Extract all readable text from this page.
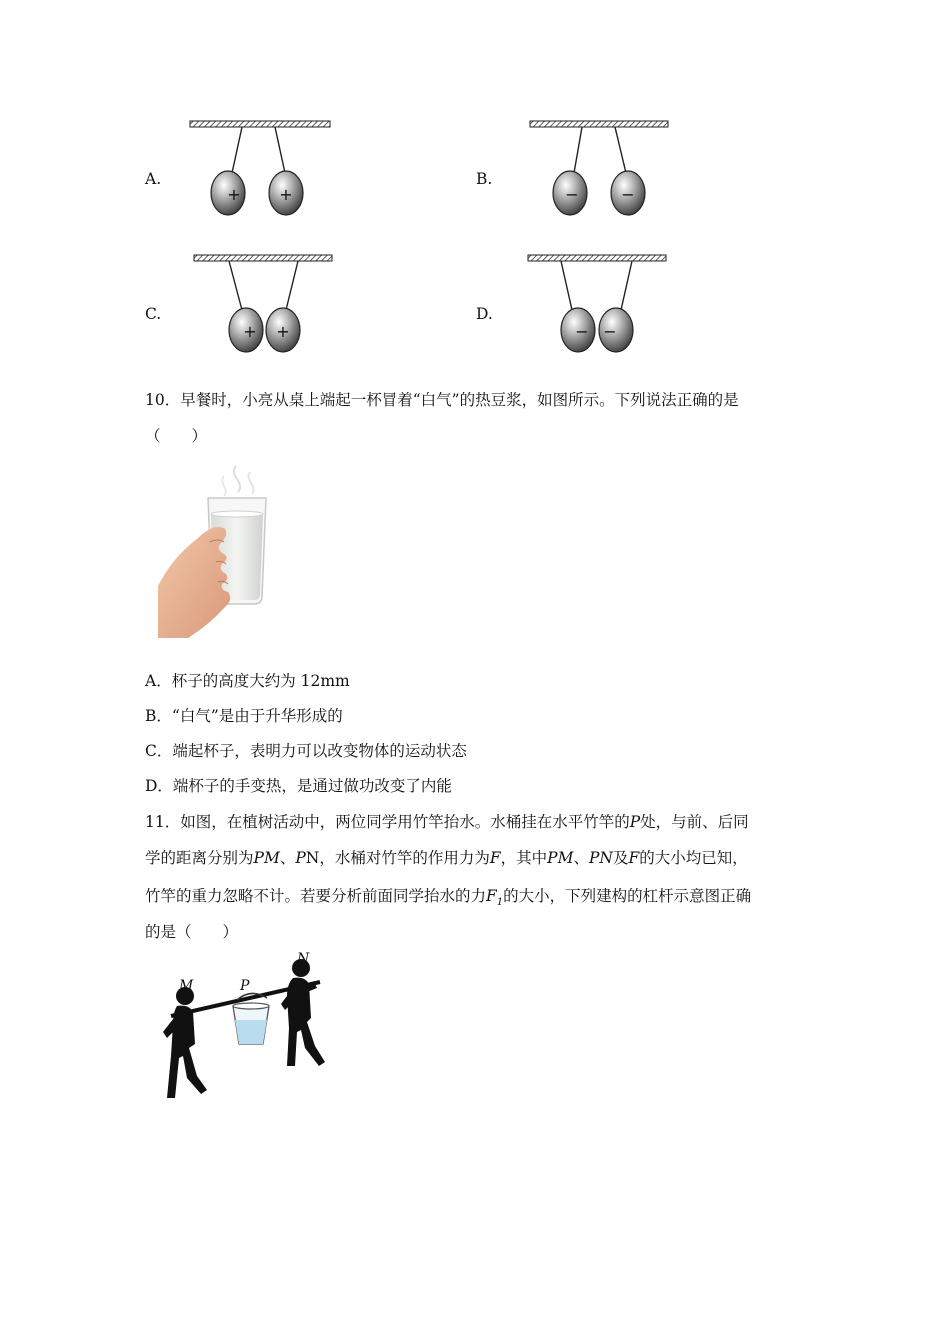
A.
+ +
B.
−	−
C.
+ +
D.
− −
10．早餐时，小亮从桌上端起一杯冒着“白气”的热豆浆，如图所示。下列说法正确的是
（　　）
A．杯子的高度大约为 12mm
B．“白气”是由于升华形成的
C．端起杯子，表明力可以改变物体的运动状态
D．端杯子的手变热，是通过做功改变了内能
11．如图，在植树活动中，两位同学用竹竿抬水。水桶挂在水平竹竿的P处，与前、后同
学的距离分别为PM、PN，水桶对竹竿的作用力为F，其中PM、PN及F的大小均已知，
竹竿的重力忽略不计。若要分析前面同学抬水的力$F_1$的大小，下列建构的杠杆示意图正确
的是（　　）
M	P
N
